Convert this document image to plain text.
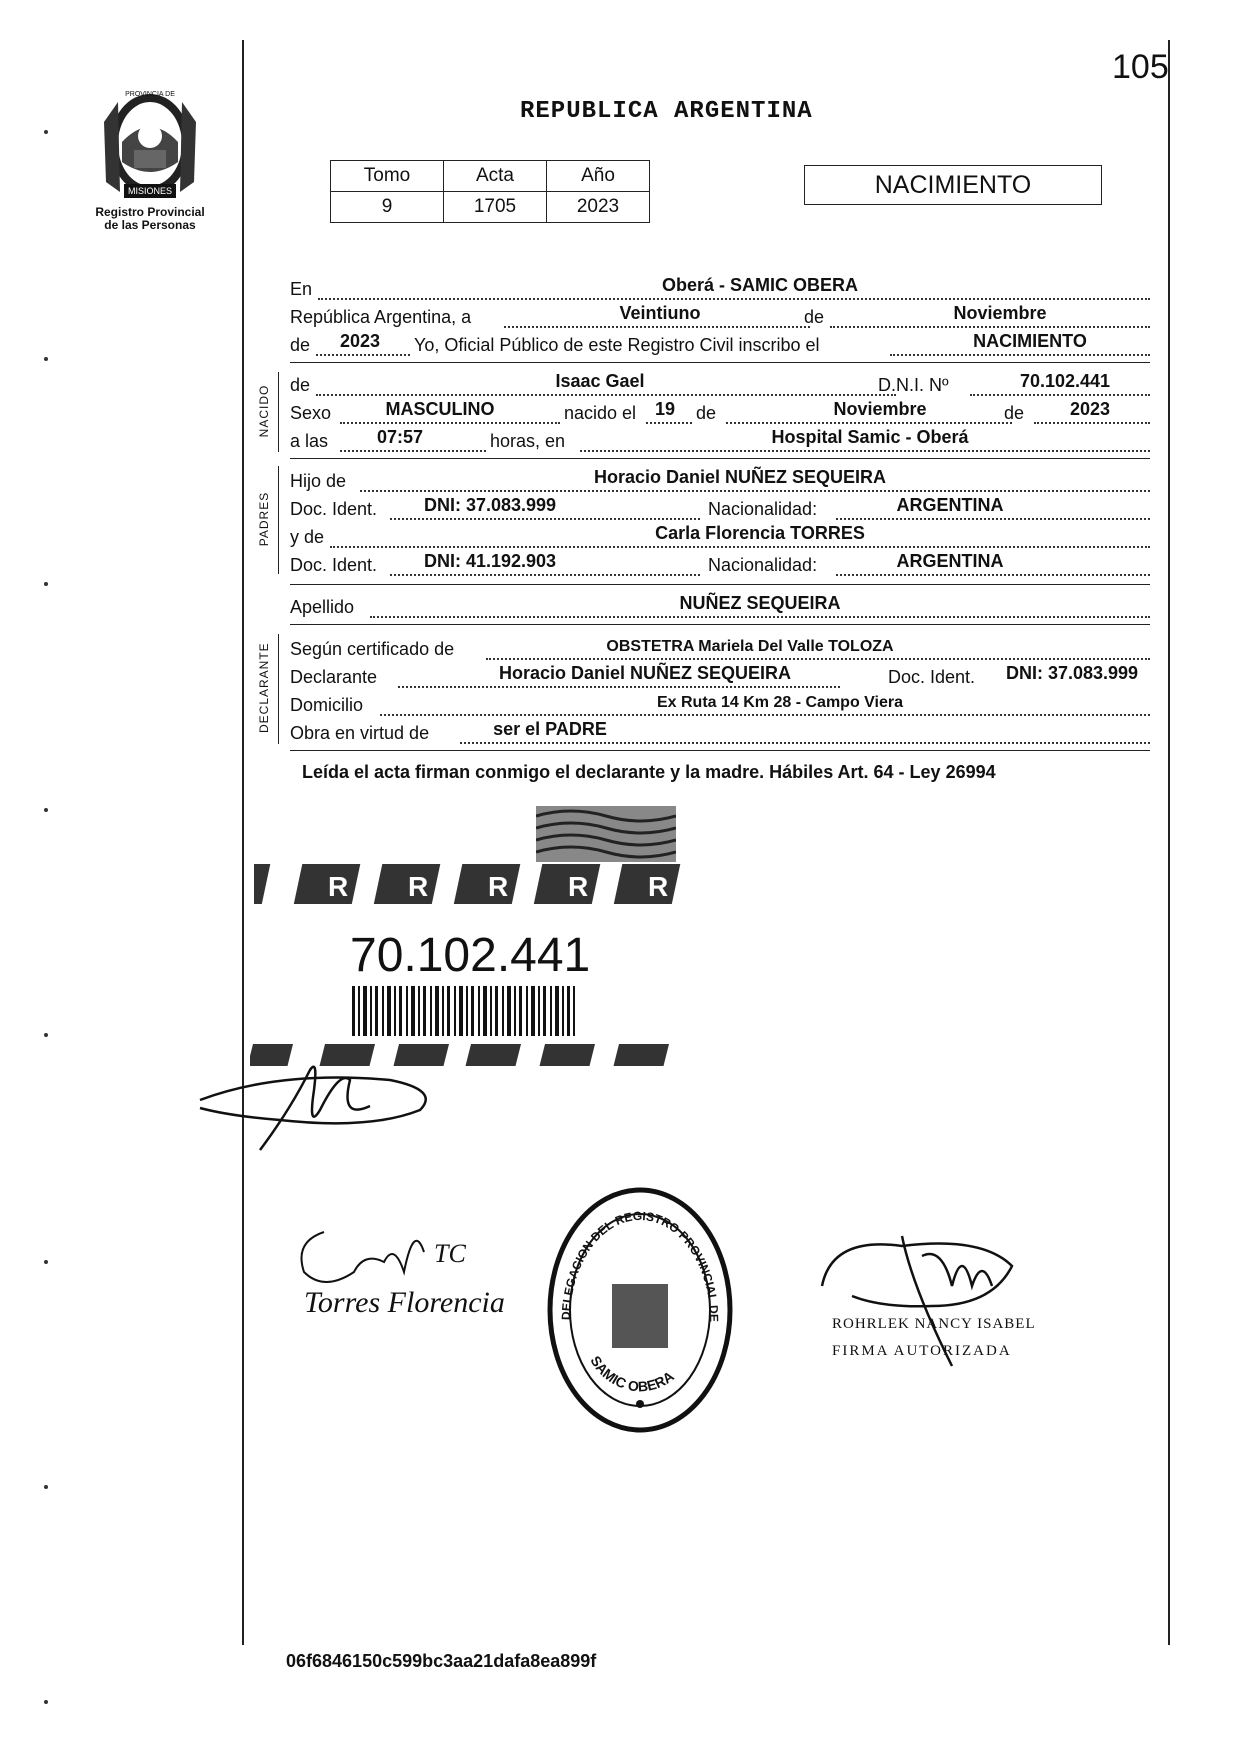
105
MISIONES
PROVINCIA DE
Registro Provincial
de las Personas
REPUBLICA ARGENTINA
Tomo	Acta	Año
9	1705	2023
NACIMIENTO
En	Oberá - SAMIC OBERA
República Argentina, a	Veintiuno	de	Noviembre
de	2023	Yo, Oficial Público de este Registro Civil inscribo el	NACIMIENTO
NACIDO de	Isaac Gael	D.N.I. Nº	70.102.441
Sexo	MASCULINO	nacido el 19 de	Noviembre	de	2023
a las	07:57	horas, en	Hospital Samic - Oberá
PADRES
Hijo de	Horacio Daniel NUÑEZ SEQUEIRA
Doc. Ident.	DNI: 37.083.999	Nacionalidad:	ARGENTINA
y de	Carla Florencia TORRES
Doc. Ident.	DNI: 41.192.903	Nacionalidad:	ARGENTINA
Apellido	NUÑEZ SEQUEIRA
DECLARANTE Según certificado de	OBSTETRA Mariela Del Valle TOLOZA
Declarante	Horacio Daniel NUÑEZ SEQUEIRA	Doc. Ident.	DNI: 37.083.999
Domicilio	Ex Ruta 14 Km 28 - Campo Viera
Obra en virtud de	ser el PADRE
Leída el acta firman conmigo el declarante y la madre. Hábiles Art. 64 - Ley 26994
R R R R R
70.102.441
TC
Torres Florencia	DELEGACION DEL REGISTRO PROVINCIAL DE
SAMIC OBERA
ROHRLEK NANCY ISABEL
FIRMA AUTORIZADA
06f6846150c599bc3aa21dafa8ea899f
